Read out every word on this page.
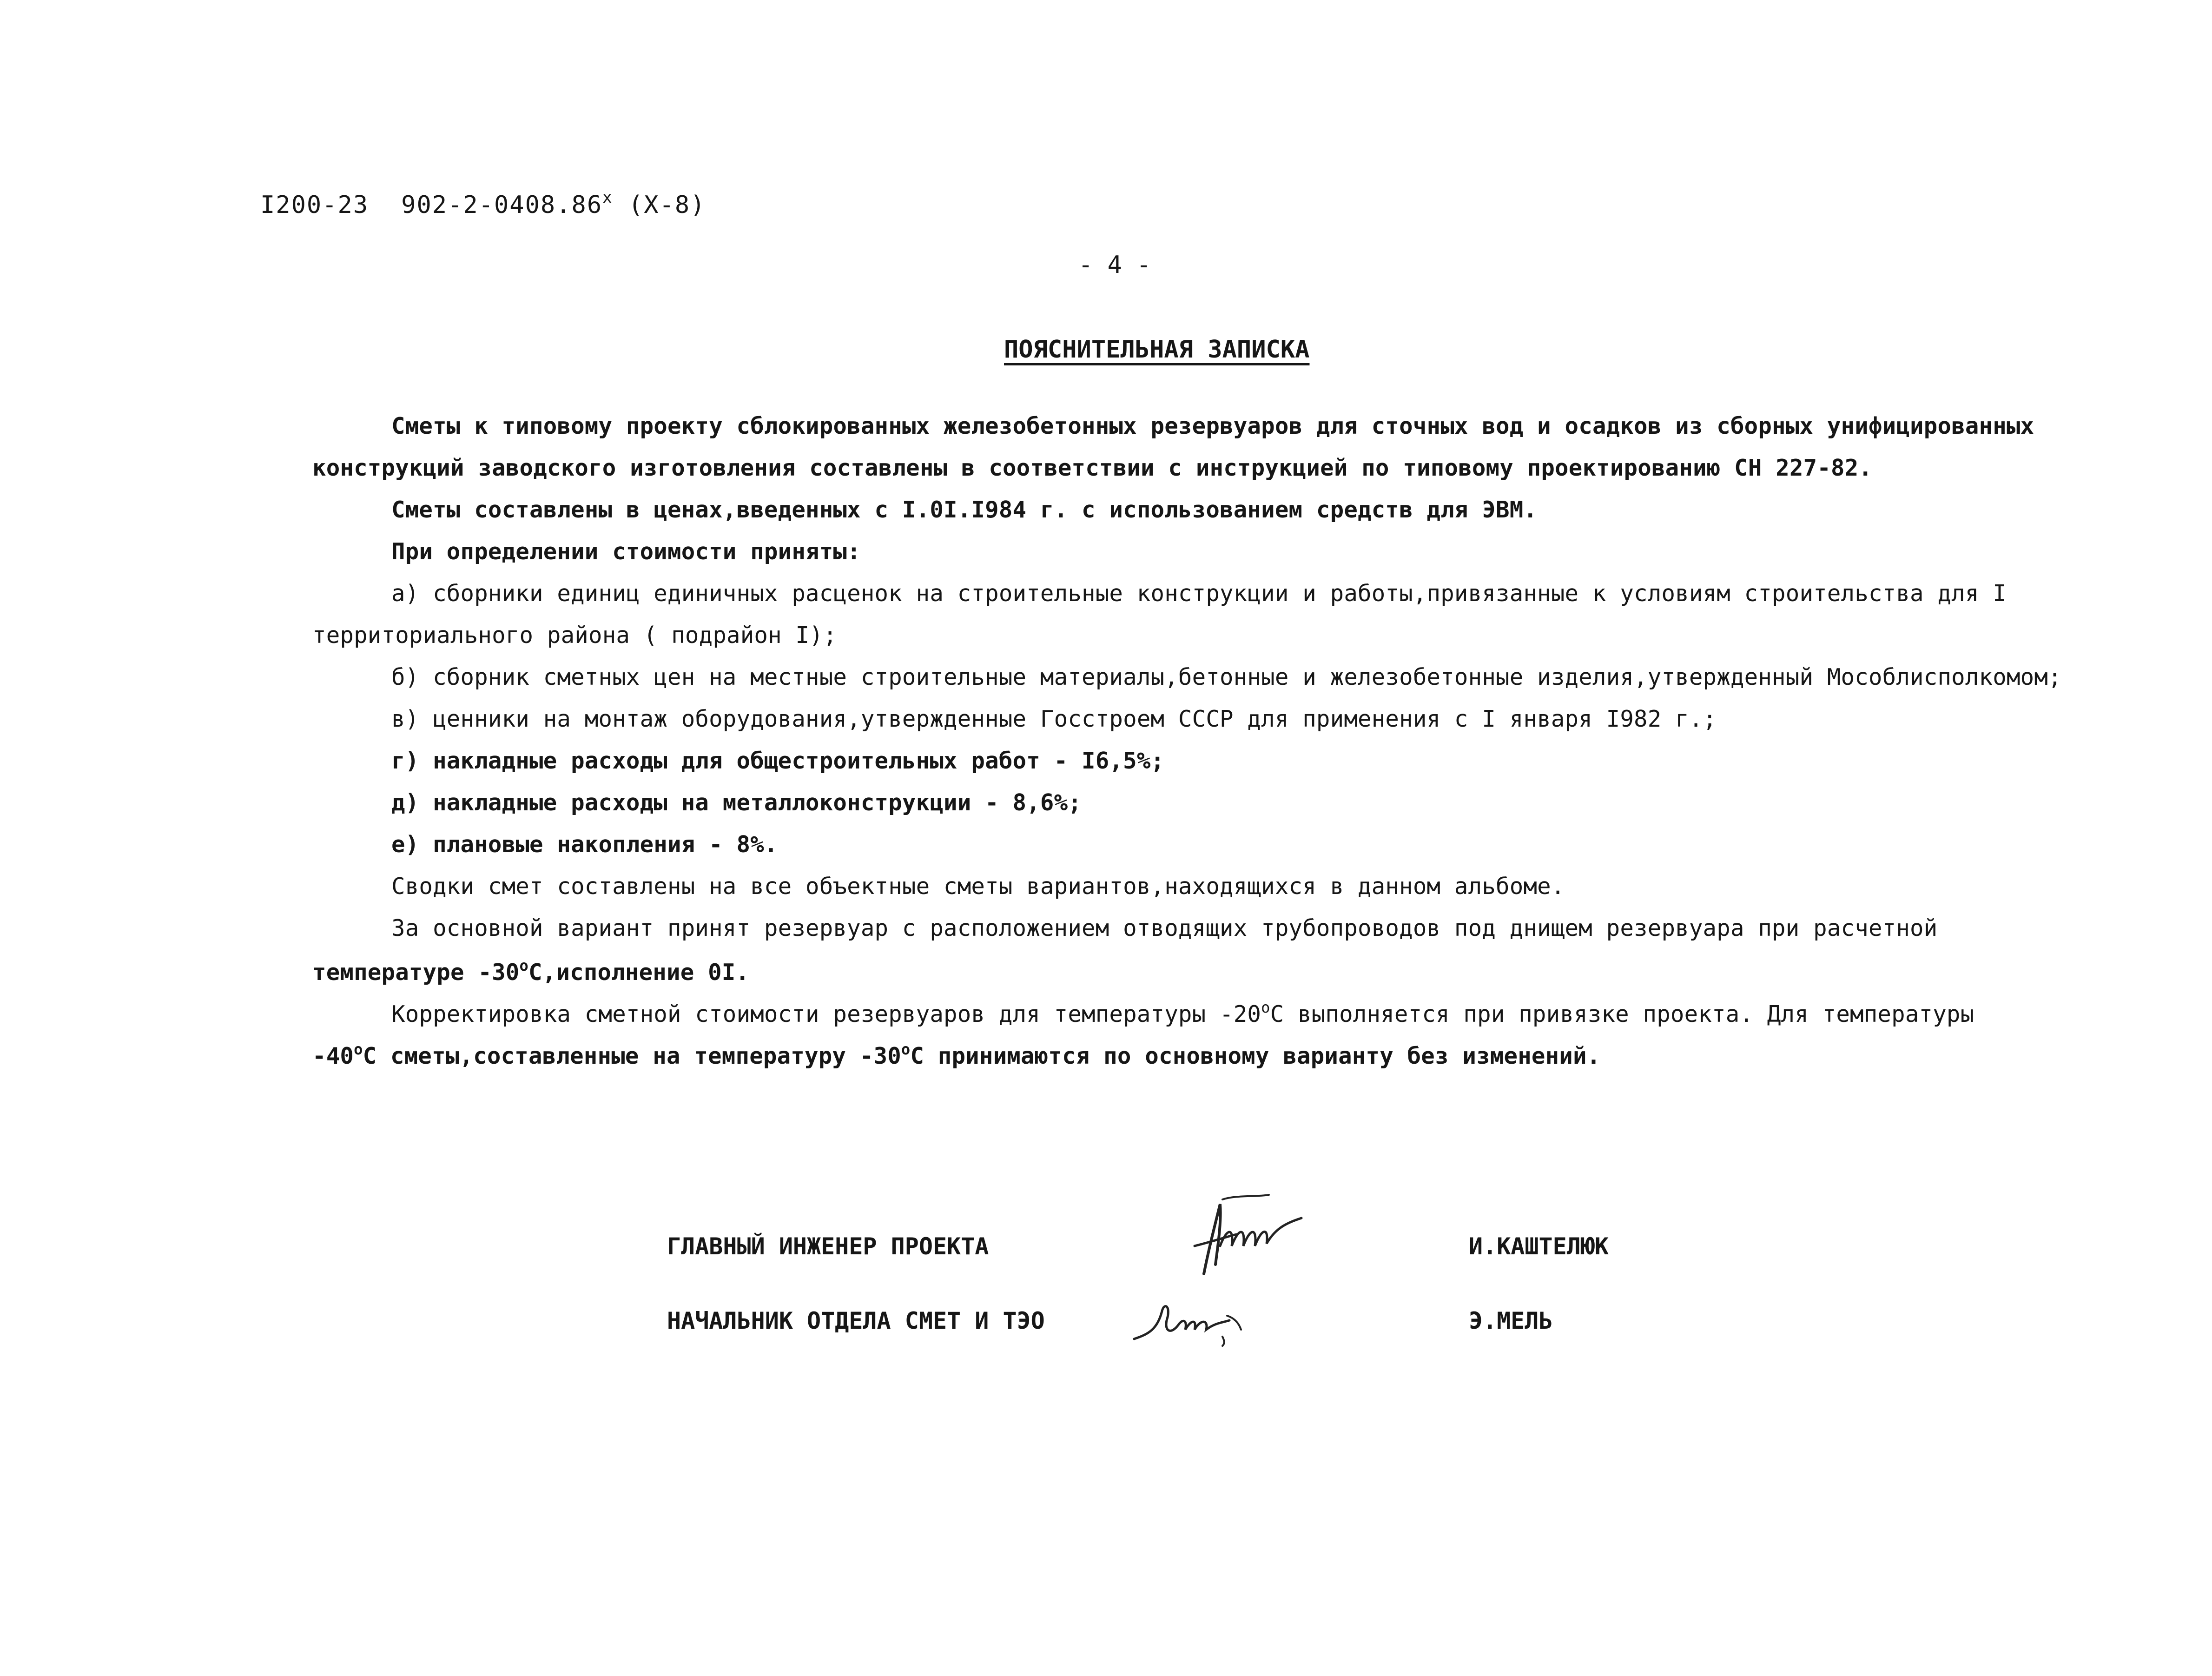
I200-23 902-2-0408.86$^x$ (X-8)
- 4 -
ПОЯСНИТЕЛЬНАЯ ЗАПИСКА
Сметы к типовому проекту сблокированных железобетонных резервуаров для сточных вод и осадков из сборных унифицированных
конструкций заводского изготовления составлены в соответствии с инструкцией по типовому проектированию СН 227-82.
Сметы составлены в ценах,введенных с I.0I.I984 г. с использованием средств для ЭВМ.
При определении стоимости приняты:
а) сборники единиц единичных расценок на строительные конструкции и работы,привязанные к условиям строительства для I
территориального района ( подрайон I);
б) сборник сметных цен на местные строительные материалы,бетонные и железобетонные изделия,утвержденный Мособлисполкомом;
в) ценники на монтаж оборудования,утвержденные Госстроем СССР для применения с I января I982 г.;
г) накладные расходы для общестроительных работ - I6,5%;
д) накладные расходы на металлоконструкции - 8,6%;
е) плановые накопления - 8%.
Сводки смет составлены на все объектные сметы вариантов,находящихся в данном альбоме.
За основной вариант принят резервуар с расположением отводящих трубопроводов под днищем резервуара при расчетной
температуре $-30^оС,исполнение$ 0I.
Корректировка сметной стоимости резервуаров для температуры $-20^оС$ выполняется при привязке проекта. Для температуры
$-40^оС$ сметы,составленные на температуру $-30^оС$ принимаются по основному варианту без изменений.
ГЛАВНЫЙ ИНЖЕНЕР ПРОЕКТА	И.КАШТЕЛЮК
НАЧАЛЬНИК ОТДЕЛА СМЕТ И ТЭО	Э.МЕЛЬ
